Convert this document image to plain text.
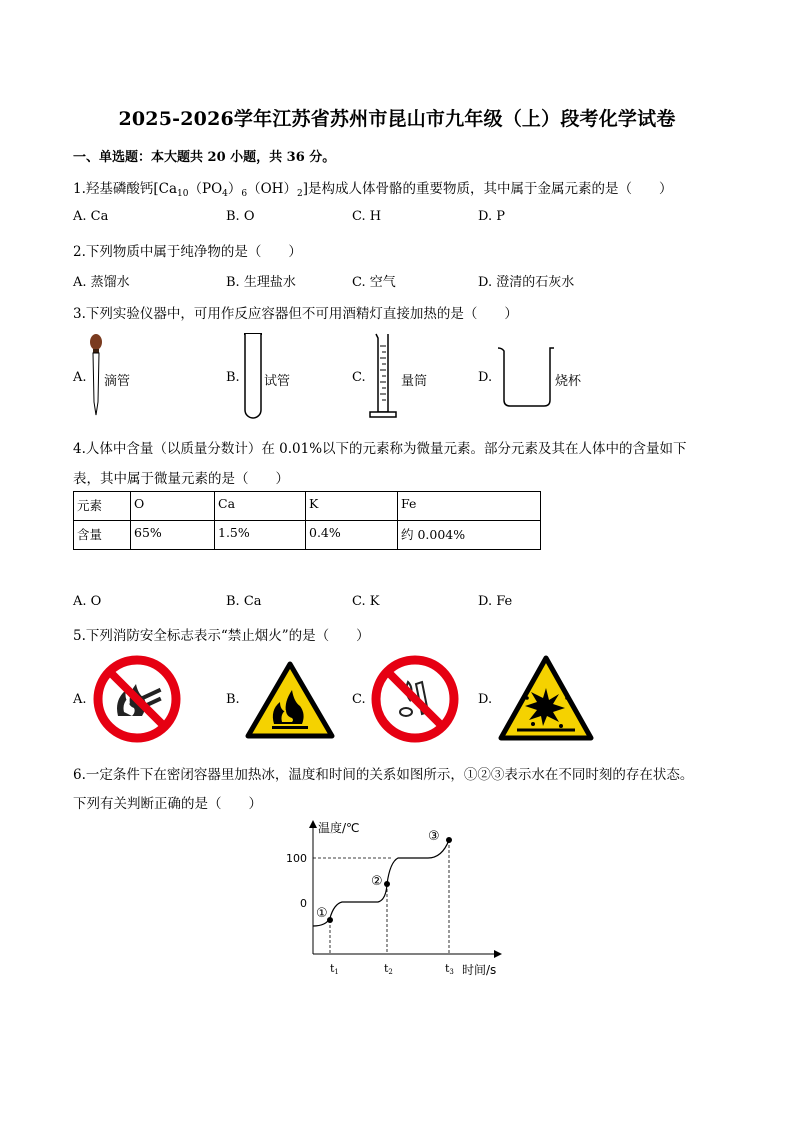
2025-2026学年江苏省苏州市昆山市九年级（上）段考化学试卷
一、单选题：本大题共 20 小题，共 36 分。
1.羟基磷酸钙$[Ca_{10}(PO_4)_6(OH)_2]$是构成人体骨骼的重要物质，其中属于金属元素的是（　　）
A. Ca	B. O	C. H	D. P
2.下列物质中属于纯净物的是（　　）
A. 蒸馏水	B. 生理盐水	C. 空气	D. 澄清的石灰水
3.下列实验仪器中，可用作反应容器但不可用酒精灯直接加热的是（　　）
A. 滴管	B. 试管	C.	量筒	D.	烧杯
4.人体中含量（以质量分数计）在 0.01%以下的元素称为微量元素。部分元素及其在人体中的含量如下
表，其中属于微量元素的是（　　）
元素	O	Ca	K	Fe
含量	65%	1.5%	0.4%	约 0.004%
A. O	B. Ca	C. K	D. Fe
5.下列消防安全标志表示“禁止烟火”的是（　　）
A.	B.	C.	D.
6.一定条件下在密闭容器里加热冰，温度和时间的关系如图所示，①②③表示水在不同时刻的存在状态。
下列有关判断正确的是（　　）
温度/℃
时间/s
100
0
①
②
③
t1	t2	t3
